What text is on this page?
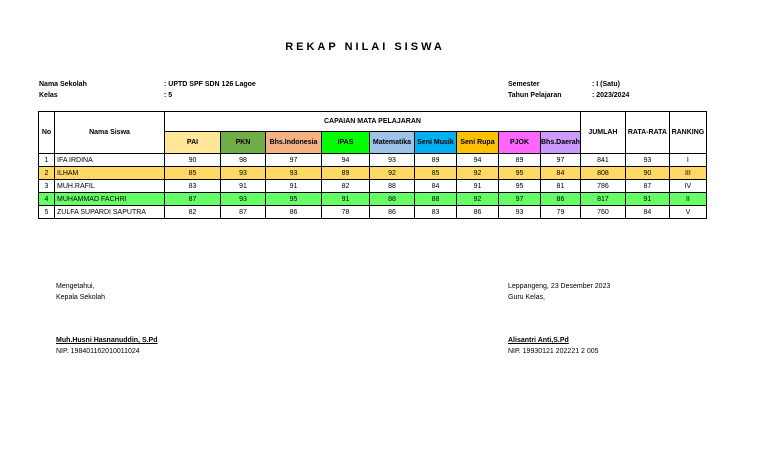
REKAP NILAI SISWA
Nama Sekolah	: UPTD SPF SDN 126 Lagoe
Kelas	: 5
Semester	: I (Satu)
Tahun Pelajaran	: 2023/2024
No	Nama Siswa	CAPAIAN MATA PELAJARAN									JUMLAH	RATA-RATA	RANKING
		PAI	PKN	Bhs.Indonesia	IPAS	Matematika	Seni Musik	Seni Rupa	PJOK	Bhs.Daerah			
1	IFA IRDINA	90	98	97	94	93	89	94	89	97	841	93	I
2	ILHAM	85	93	93	89	92	85	92	95	84	808	90	III
3	MUH.RAFIL	83	91	91	82	88	84	91	95	81	786	87	IV
4	MUHAMMAD FACHRI	87	93	95	91	88	88	92	97	86	817	91	II
5	ZULFA SUPARDI SAPUTRA	82	87	86	78	86	83	86	93	79	760	84	V
Mengetahui,
Kepala Sekolah
Muh.Husni Hasnanuddin, S.Pd
NIP. 198401162010011024
Leppangeng, 23 Desember 2023
Guru Kelas,
Alisantri Anti,S.Pd
NIP. 19930121 202221 2 005
